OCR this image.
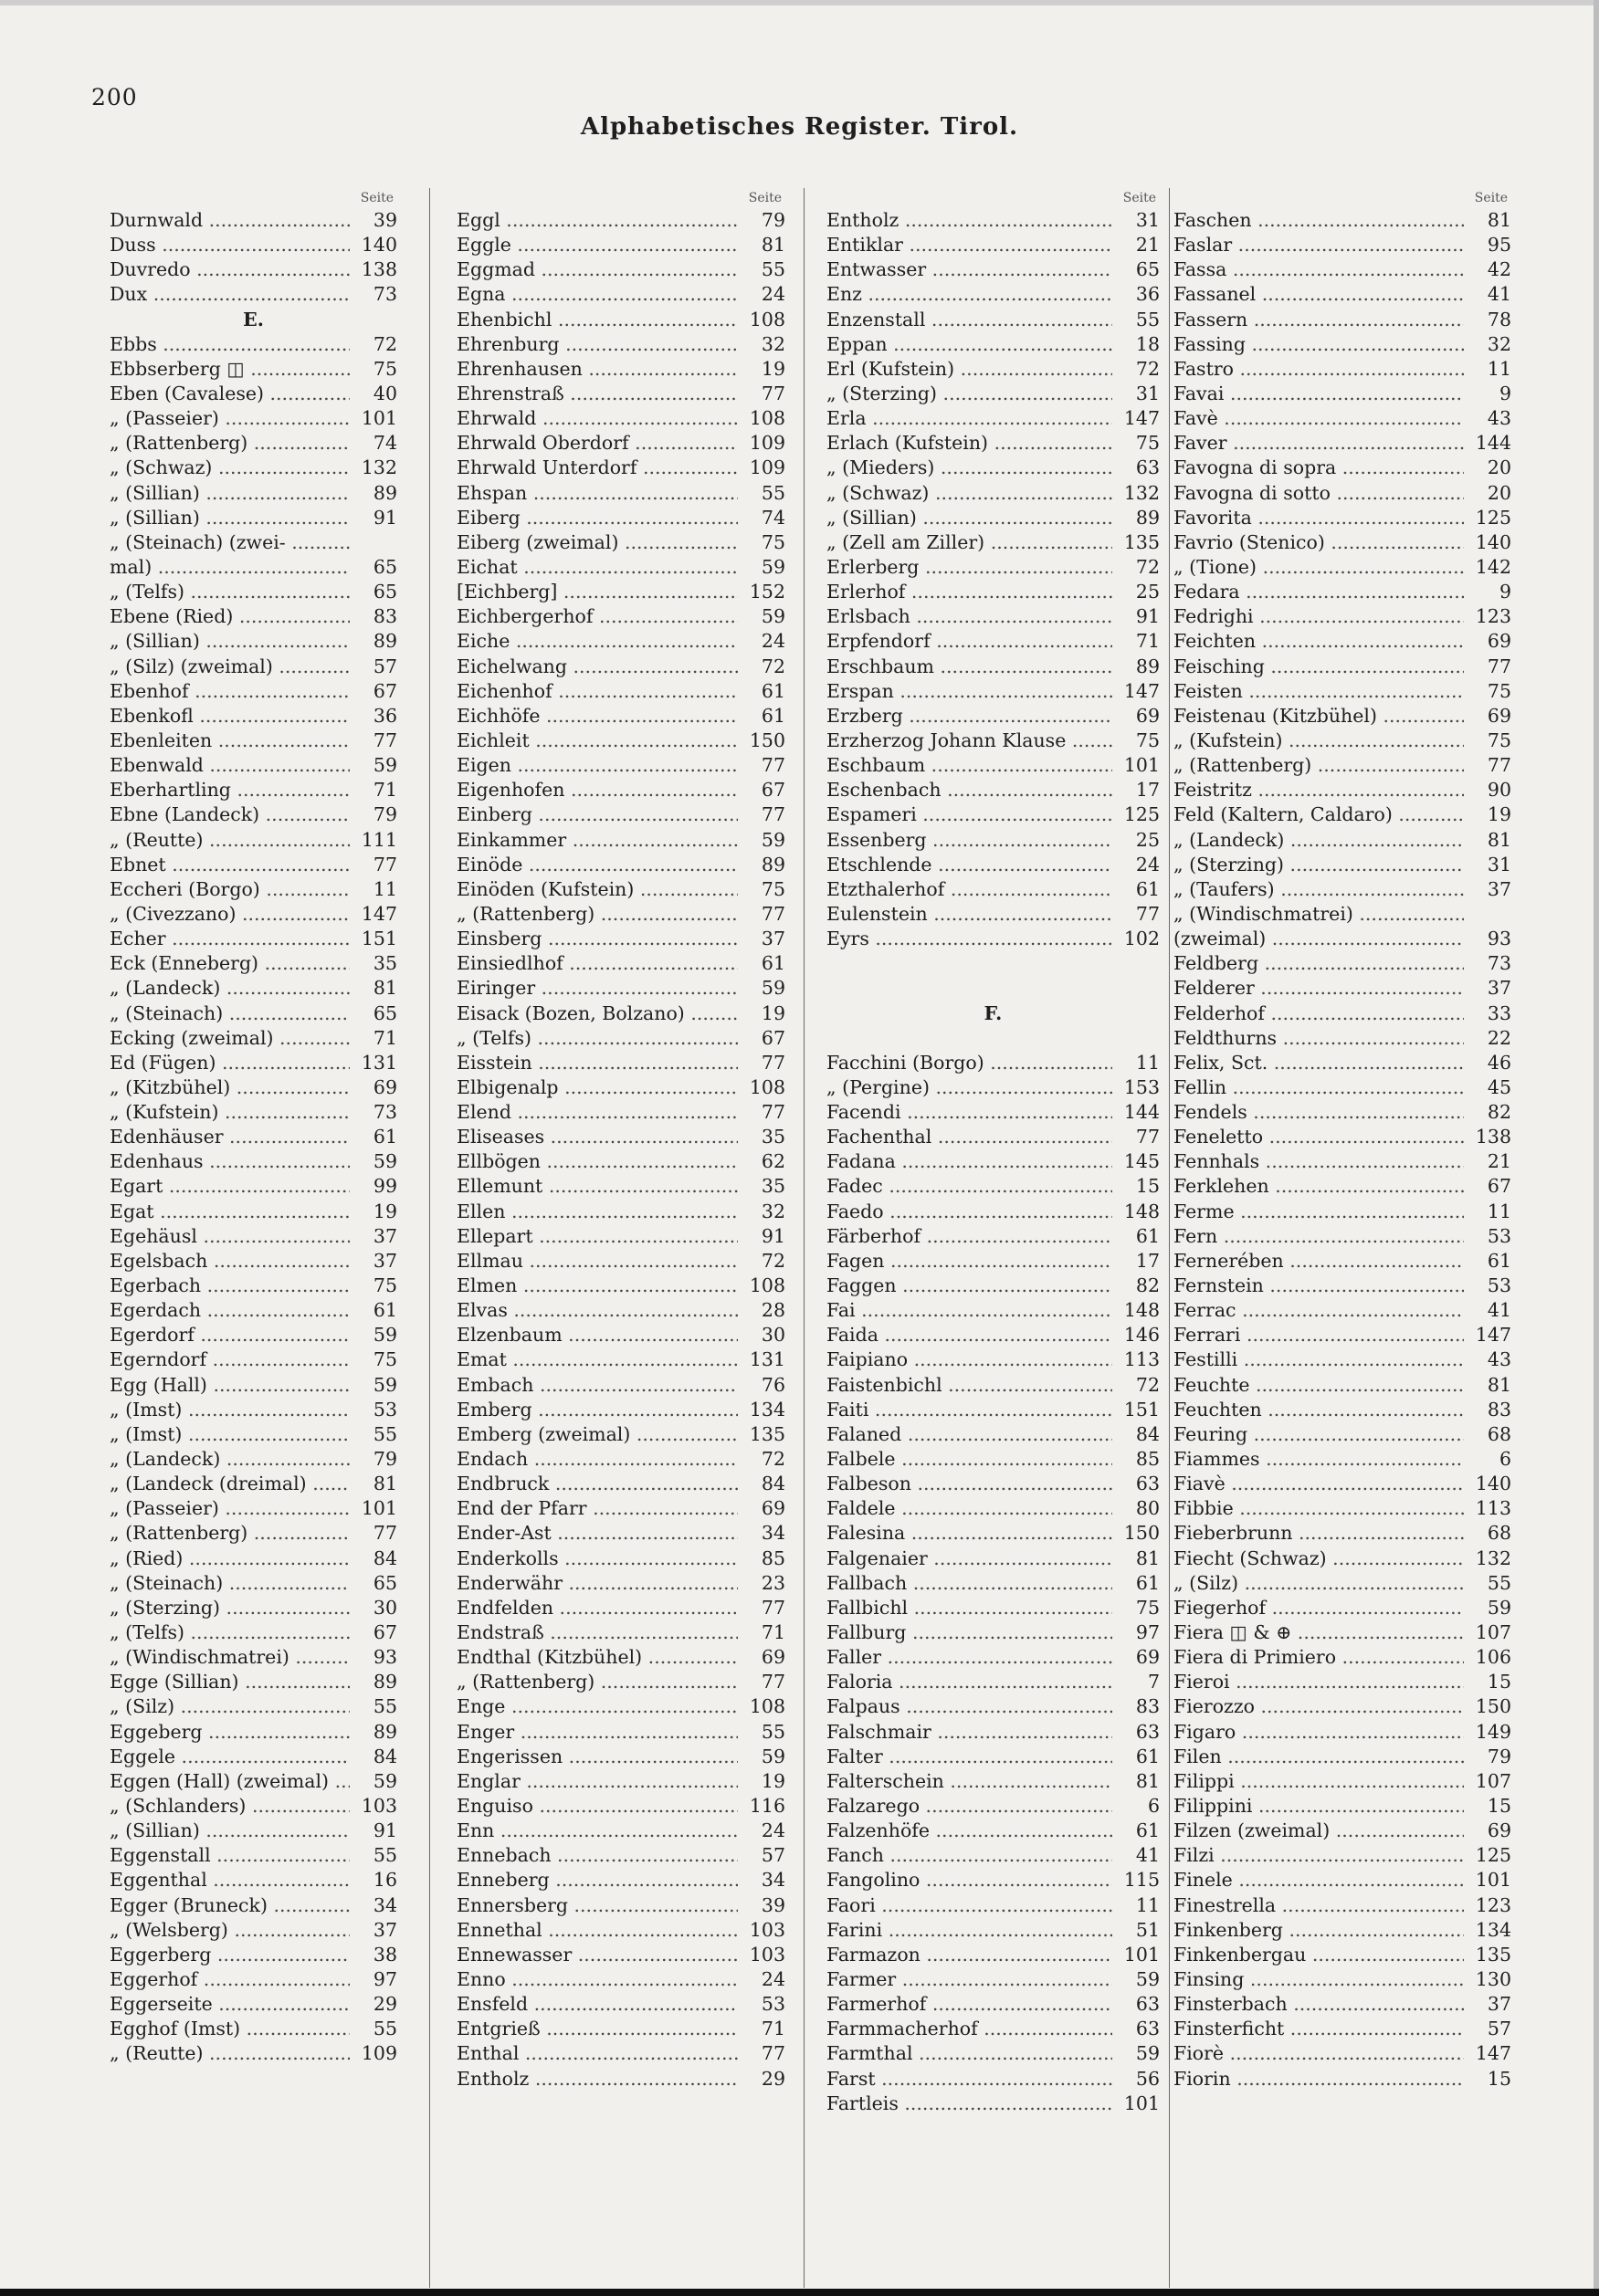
200
Alphabetisches Register. Tirol.
Seite
Durnwald .....	39
Duss .....	140
Duvredo .....	138
Dux .....	73
E.
Ebbs .....	72
Ebbserberg ◫ .....	75
Eben (Cavalese) .....	40
„ (Passeier) .....	101
„ (Rattenberg) .....	74
„ (Schwaz) .....	132
„ (Sillian) .....	89
„ (Sillian) .....	91
„ (Steinach) (zwei- .....
mal) .....	65
„ (Telfs) .....	65
Ebene (Ried) .....	83
„ (Sillian) .....	89
„ (Silz) (zweimal) .....	57
Ebenhof .....	67
Ebenkofl .....	36
Ebenleiten .....	77
Ebenwald .....	59
Eberhartling .....	71
Ebne (Landeck) .....	79
„ (Reutte) .....	111
Ebnet .....	77
Eccheri (Borgo) .....	11
„ (Civezzano) .....	147
Echer .....	151
Eck (Enneberg) .....	35
„ (Landeck) .....	81
„ (Steinach) .....	65
Ecking (zweimal) .....	71
Ed (Fügen) .....	131
„ (Kitzbühel) .....	69
„ (Kufstein) .....	73
Edenhäuser .....	61
Edenhaus .....	59
Egart .....	99
Egat .....	19
Egehäusl .....	37
Egelsbach .....	37
Egerbach .....	75
Egerdach .....	61
Egerdorf .....	59
Egerndorf .....	75
Egg (Hall) .....	59
„ (Imst) .....	53
„ (Imst) .....	55
„ (Landeck) .....	79
„ (Landeck (dreimal) .....	81
„ (Passeier) .....	101
„ (Rattenberg) .....	77
„ (Ried) .....	84
„ (Steinach) .....	65
„ (Sterzing) .....	30
„ (Telfs) .....	67
„ (Windischmatrei) .....	93
Egge (Sillian) .....	89
„ (Silz) .....	55
Eggeberg .....	89
Eggele .....	84
Eggen (Hall) (zweimal) .....	59
„ (Schlanders) .....	103
„ (Sillian) .....	91
Eggenstall .....	55
Eggenthal .....	16
Egger (Bruneck) .....	34
„ (Welsberg) .....	37
Eggerberg .....	38
Eggerhof .....	97
Eggerseite .....	29
Egghof (Imst) .....	55
„ (Reutte) .....	109
Seite
Eggl .....	79
Eggle .....	81
Eggmad .....	55
Egna .....	24
Ehenbichl .....	108
Ehrenburg .....	32
Ehrenhausen .....	19
Ehrenstraß .....	77
Ehrwald .....	108
Ehrwald Oberdorf .....	109
Ehrwald Unterdorf .....	109
Ehspan .....	55
Eiberg .....	74
Eiberg (zweimal) .....	75
Eichat .....	59
[Eichberg] .....	152
Eichbergerhof .....	59
Eiche .....	24
Eichelwang .....	72
Eichenhof .....	61
Eichhöfe .....	61
Eichleit .....	150
Eigen .....	77
Eigenhofen .....	67
Einberg .....	77
Einkammer .....	59
Einöde .....	89
Einöden (Kufstein) .....	75
„ (Rattenberg) .....	77
Einsberg .....	37
Einsiedlhof .....	61
Eiringer .....	59
Eisack (Bozen, Bolzano) .....	19
„ (Telfs) .....	67
Eisstein .....	77
Elbigenalp .....	108
Elend .....	77
Eliseases .....	35
Ellbögen .....	62
Ellemunt .....	35
Ellen .....	32
Ellepart .....	91
Ellmau .....	72
Elmen .....	108
Elvas .....	28
Elzenbaum .....	30
Emat .....	131
Embach .....	76
Emberg .....	134
Emberg (zweimal) .....	135
Endach .....	72
Endbruck .....	84
End der Pfarr .....	69
Ender-Ast .....	34
Enderkolls .....	85
Enderwähr .....	23
Endfelden .....	77
Endstraß .....	71
Endthal (Kitzbühel) .....	69
„ (Rattenberg) .....	77
Enge .....	108
Enger .....	55
Engerissen .....	59
Englar .....	19
Enguiso .....	116
Enn .....	24
Ennebach .....	57
Enneberg .....	34
Ennersberg .....	39
Ennethal .....	103
Ennewasser .....	103
Enno .....	24
Ensfeld .....	53
Entgrieß .....	71
Enthal .....	77
Entholz .....	29
Seite
Entholz .....	31
Entiklar .....	21
Entwasser .....	65
Enz .....	36
Enzenstall .....	55
Eppan .....	18
Erl (Kufstein) .....	72
„ (Sterzing) .....	31
Erla .....	147
Erlach (Kufstein) .....	75
„ (Mieders) .....	63
„ (Schwaz) .....	132
„ (Sillian) .....	89
„ (Zell am Ziller) .....	135
Erlerberg .....	72
Erlerhof .....	25
Erlsbach .....	91
Erpfendorf .....	71
Erschbaum .....	89
Erspan .....	147
Erzberg .....	69
Erzherzog Johann Klause .....	75
Eschbaum .....	101
Eschenbach .....	17
Espameri .....	125
Essenberg .....	25
Etschlende .....	24
Etzthalerhof .....	61
Eulenstein .....	77
Eyrs .....	102
F.
Facchini (Borgo) .....	11
„ (Pergine) .....	153
Facendi .....	144
Fachenthal .....	77
Fadana .....	145
Fadec .....	15
Faedo .....	148
Färberhof .....	61
Fagen .....	17
Faggen .....	82
Fai .....	148
Faida .....	146
Faipiano .....	113
Faistenbichl .....	72
Faiti .....	151
Falaned .....	84
Falbele .....	85
Falbeson .....	63
Faldele .....	80
Falesina .....	150
Falgenaier .....	81
Fallbach .....	61
Fallbichl .....	75
Fallburg .....	97
Faller .....	69
Faloria .....	7
Falpaus .....	83
Falschmair .....	63
Falter .....	61
Falterschein .....	81
Falzarego .....	6
Falzenhöfe .....	61
Fanch .....	41
Fangolino .....	115
Faori .....	11
Farini .....	51
Farmazon .....	101
Farmer .....	59
Farmerhof .....	63
Farmmacherhof .....	63
Farmthal .....	59
Farst .....	56
Fartleis .....	101
Seite
Faschen .....	81
Faslar .....	95
Fassa .....	42
Fassanel .....	41
Fassern .....	78
Fassing .....	32
Fastro .....	11
Favai .....	9
Favè .....	43
Faver .....	144
Favogna di sopra .....	20
Favogna di sotto .....	20
Favorita .....	125
Favrio (Stenico) .....	140
„ (Tione) .....	142
Fedara .....	9
Fedrighi .....	123
Feichten .....	69
Feisching .....	77
Feisten .....	75
Feistenau (Kitzbühel) .....	69
„ (Kufstein) .....	75
„ (Rattenberg) .....	77
Feistritz .....	90
Feld (Kaltern, Caldaro) .....	19
„ (Landeck) .....	81
„ (Sterzing) .....	31
„ (Taufers) .....	37
„ (Windischmatrei) .....
(zweimal) .....	93
Feldberg .....	73
Felderer .....	37
Felderhof .....	33
Feldthurns .....	22
Felix, Sct. .....	46
Fellin .....	45
Fendels .....	82
Feneletto .....	138
Fennhals .....	21
Ferklehen .....	67
Ferme .....	11
Fern .....	53
Fernerében .....	61
Fernstein .....	53
Ferrac .....	41
Ferrari .....	147
Festilli .....	43
Feuchte .....	81
Feuchten .....	83
Feuring .....	68
Fiammes .....	6
Fiavè .....	140
Fibbie .....	113
Fieberbrunn .....	68
Fiecht (Schwaz) .....	132
„ (Silz) .....	55
Fiegerhof .....	59
Fiera ◫ & ⊕ .....	107
Fiera di Primiero .....	106
Fieroi .....	15
Fierozzo .....	150
Figaro .....	149
Filen .....	79
Filippi .....	107
Filippini .....	15
Filzen (zweimal) .....	69
Filzi .....	125
Finele .....	101
Finestrella .....	123
Finkenberg .....	134
Finkenbergau .....	135
Finsing .....	130
Finsterbach .....	37
Finsterficht .....	57
Fiorè .....	147
Fiorin .....	15
